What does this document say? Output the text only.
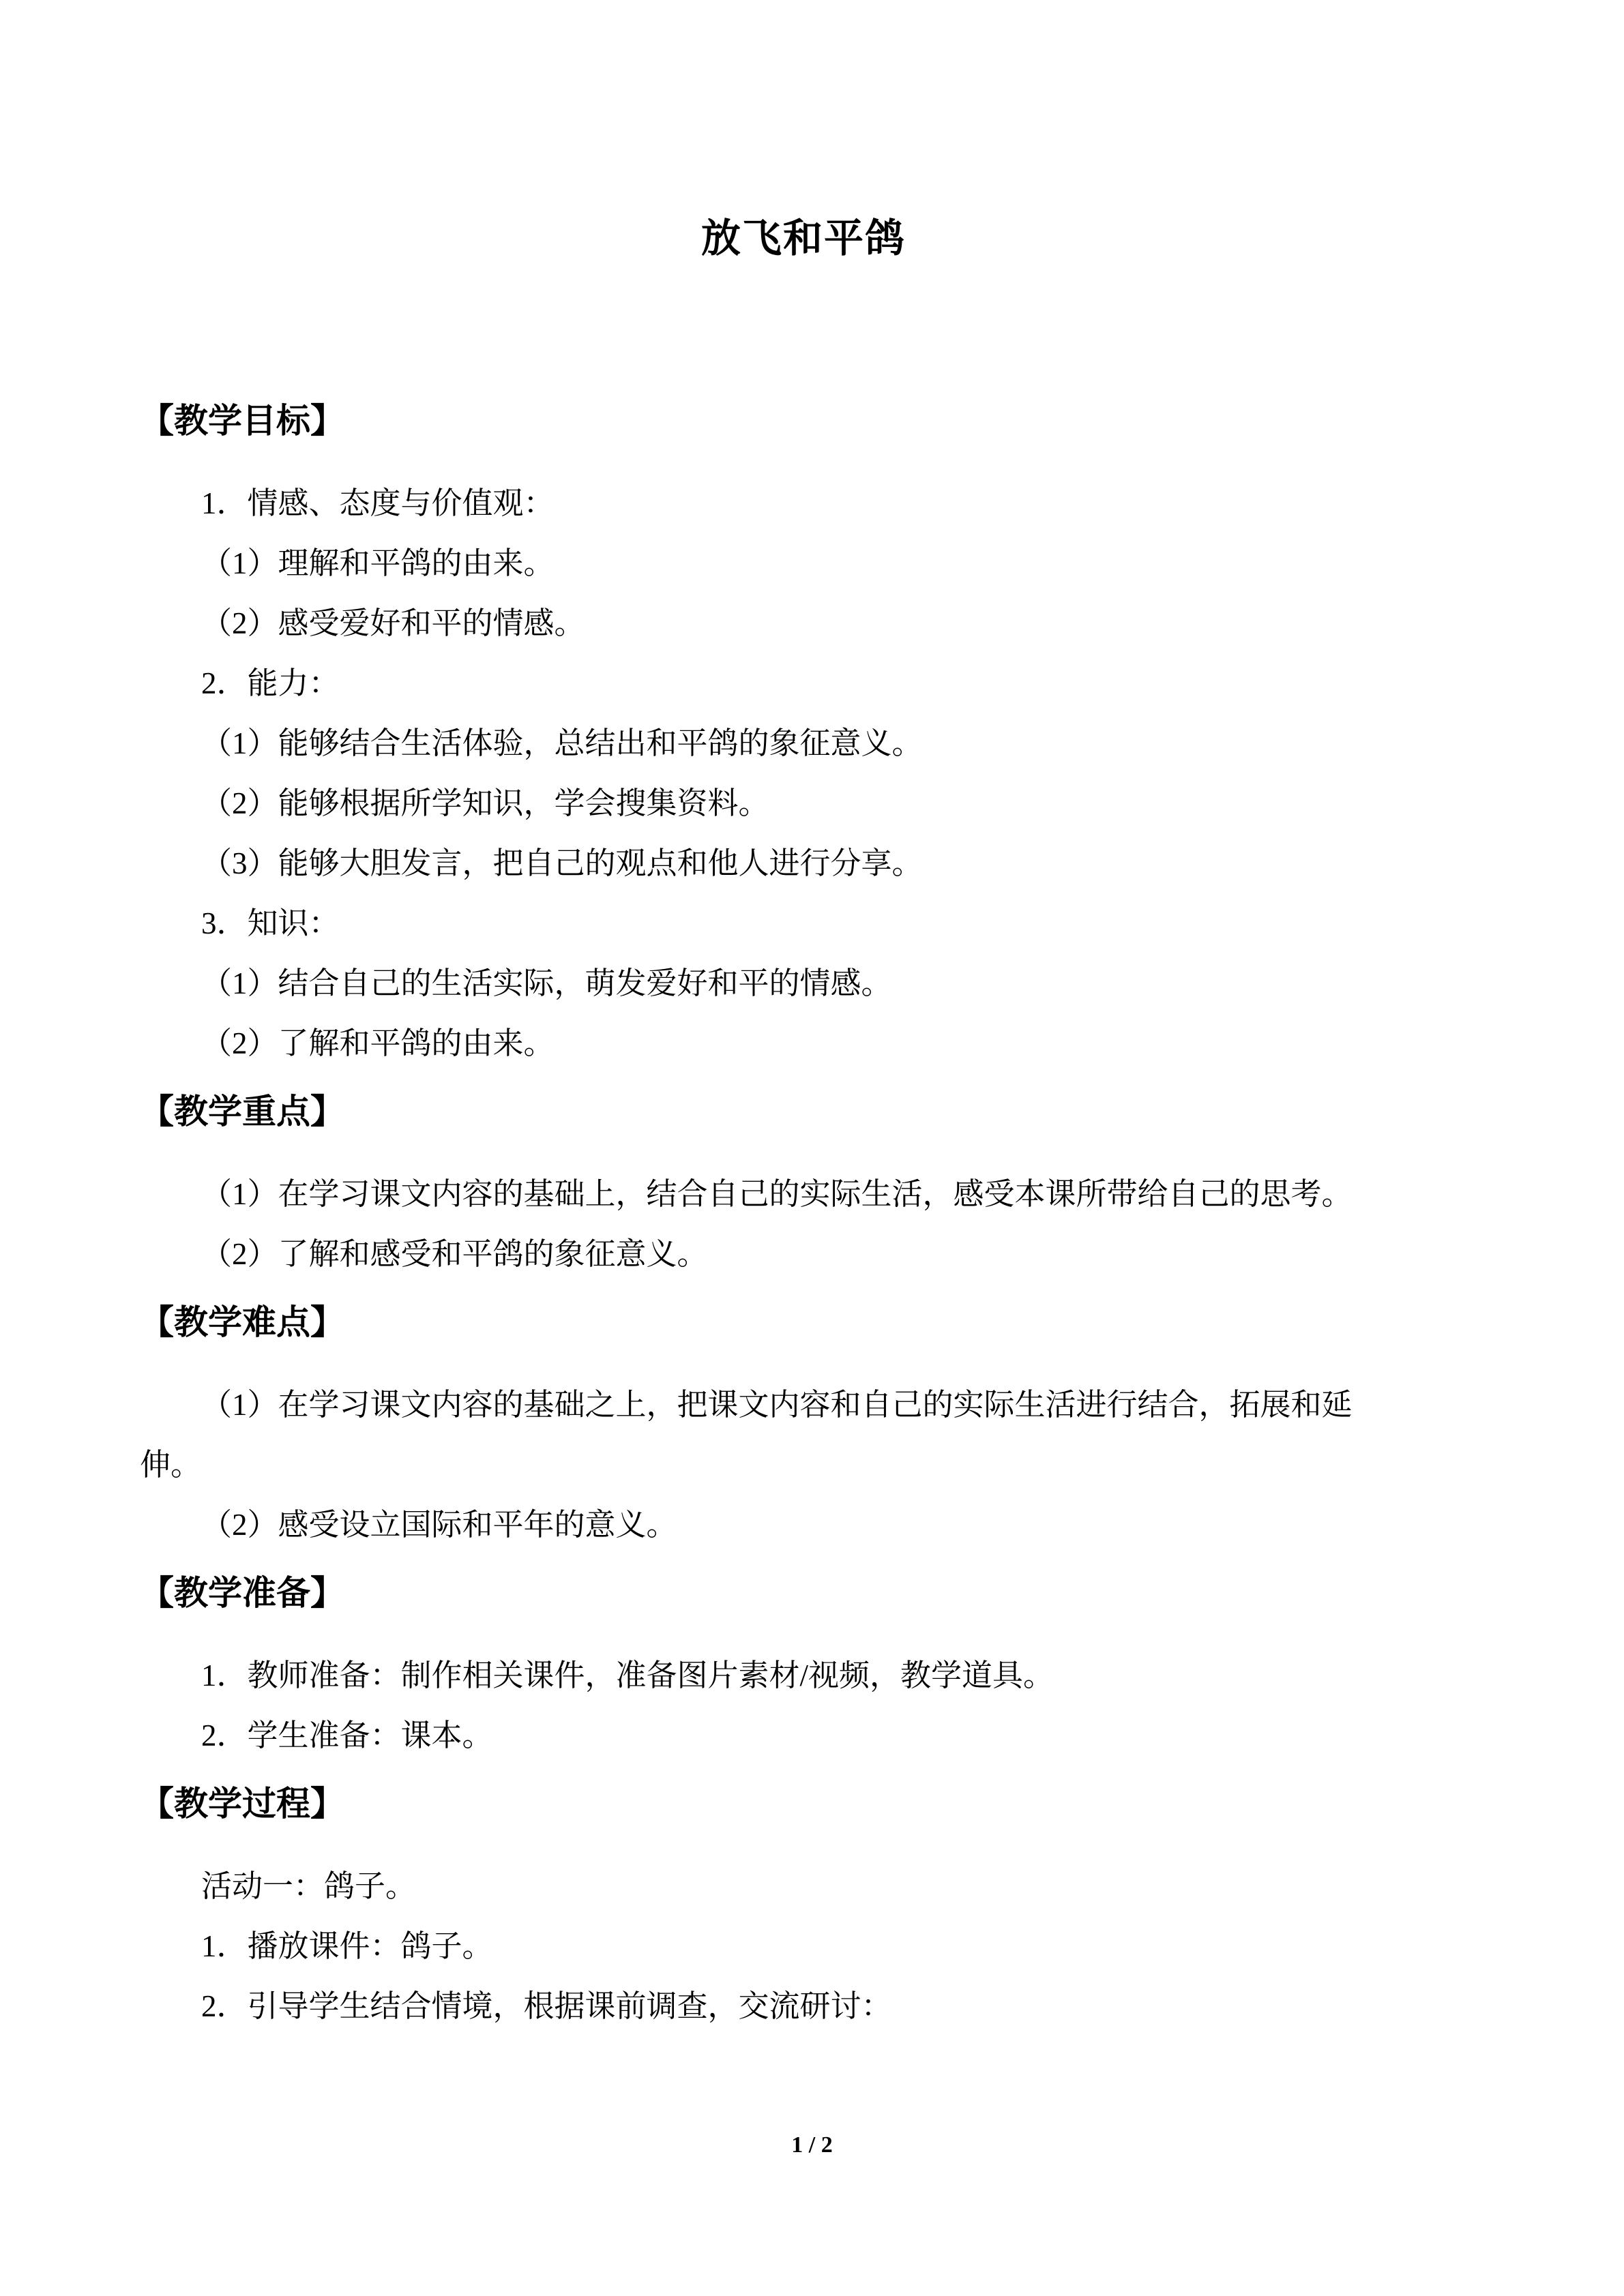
放飞和平鸽
【教学目标】

1．情感、态度与价值观：

（1）理解和平鸽的由来。

（2）感受爱好和平的情感。

2．能力：

（1）能够结合生活体验，总结出和平鸽的象征意义。

（2）能够根据所学知识，学会搜集资料。

（3）能够大胆发言，把自己的观点和他人进行分享。

3．知识：

（1）结合自己的生活实际，萌发爱好和平的情感。

（2）了解和平鸽的由来。

【教学重点】

（1）在学习课文内容的基础上，结合自己的实际生活，感受本课所带给自己的思考。

（2）了解和感受和平鸽的象征意义。

【教学难点】

（1）在学习课文内容的基础之上，把课文内容和自己的实际生活进行结合，拓展和延

伸。

（2）感受设立国际和平年的意义。

【教学准备】

1．教师准备：制作相关课件，准备图片素材/视频，教学道具。

2．学生准备：课本。

【教学过程】

活动一：鸽子。

1．播放课件：鸽子。

2．引导学生结合情境，根据课前调查，交流研讨：

1 / 2
